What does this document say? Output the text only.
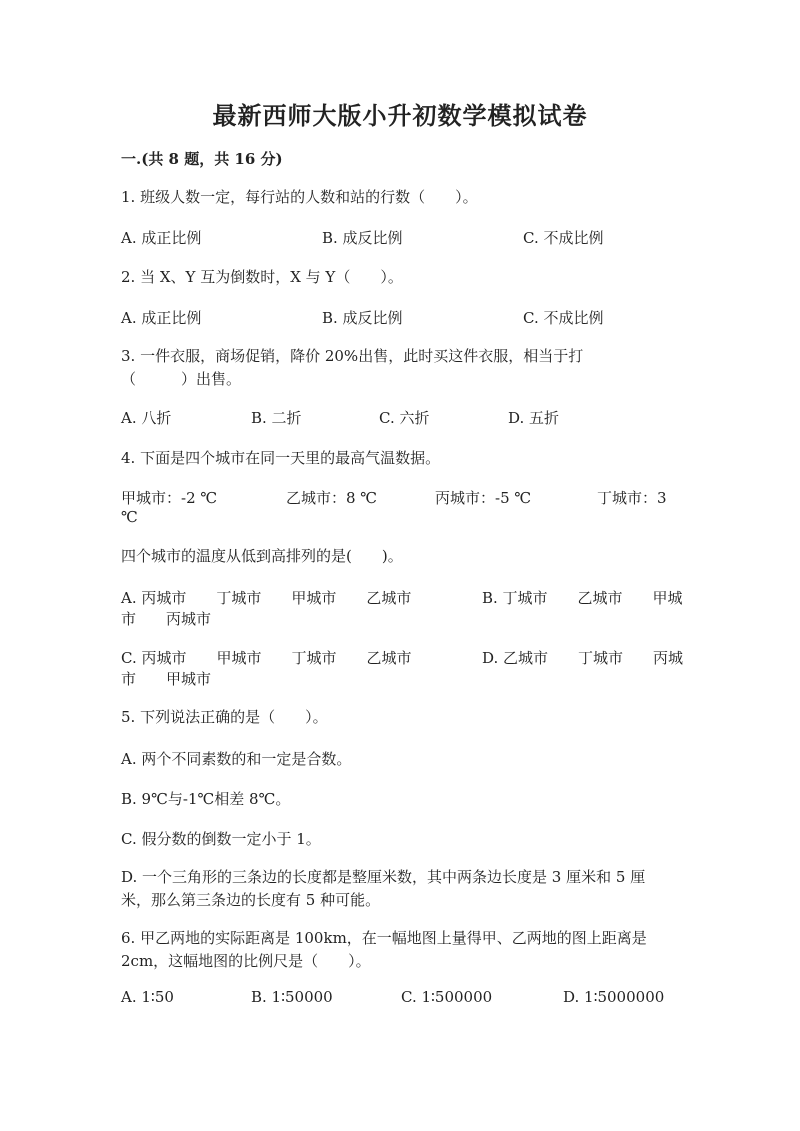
最新西师大版小升初数学模拟试卷
一.(共 8 题，共 16 分)
1. 班级人数一定，每行站的人数和站的行数（　　）。
A. 成正比例	B. 成反比例	C. 不成比例
2. 当 X、Y 互为倒数时，X 与 Y（　　）。
A. 成正比例	B. 成反比例	C. 不成比例
3. 一件衣服，商场促销，降价 20%出售，此时买这件衣服，相当于打
（　　　）出售。
A. 八折	B. 二折	C. 六折	D. 五折
4. 下面是四个城市在同一天里的最高气温数据。
甲城市：-2 ℃	乙城市：8 ℃	丙城市：-5 ℃	丁城市：3
℃
四个城市的温度从低到高排列的是(　　)。
A. 丙城市　　丁城市　　甲城市　　乙城市	B. 丁城市　　乙城市　　甲城
市　　丙城市
C. 丙城市　　甲城市　　丁城市　　乙城市	D. 乙城市　　丁城市　　丙城
市　　甲城市
5. 下列说法正确的是（　　）。
A. 两个不同素数的和一定是合数。
B. 9℃与-1℃相差 8℃。
C. 假分数的倒数一定小于 1。
D. 一个三角形的三条边的长度都是整厘米数，其中两条边长度是 3 厘米和 5 厘
米，那么第三条边的长度有 5 种可能。
6. 甲乙两地的实际距离是 100km，在一幅地图上量得甲、乙两地的图上距离是
2cm，这幅地图的比例尺是（　　）。
A. 1∶50	B. 1∶50000	C. 1∶500000	D. 1∶5000000
